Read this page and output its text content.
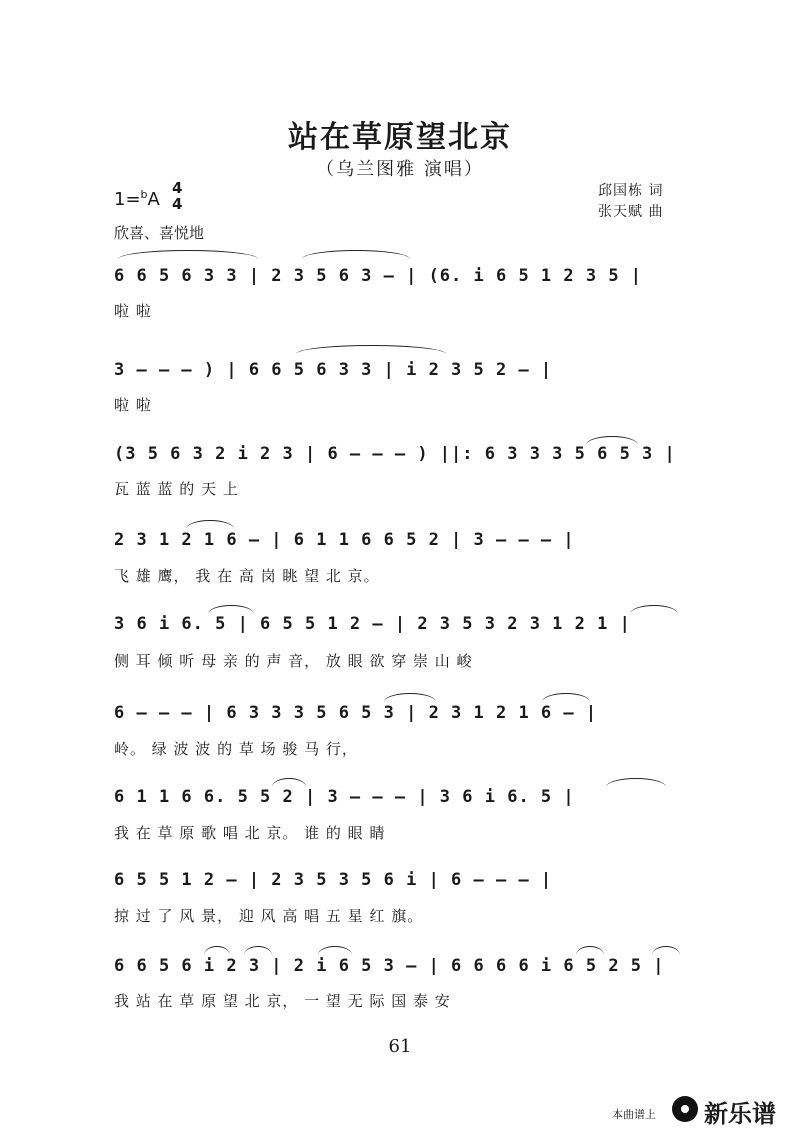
站在草原望北京
（乌兰图雅 演唱）
1=$^b$A
4
4
欣喜、喜悦地
邱国栋 词
张天赋 曲
6 6 5 6 3 3 | 2 3 5 6 3 – | (6. i 6 5 1 2 3 5 |
啦 啦
3 – – – ) | 6 6 5 6 3 3 | i 2 3 5 2 – |
啦 啦
(3 5 6 3 2 i 2 3 | 6 – – – ) ||: 6 3 3 3 5 6 5 3 |
瓦 蓝 蓝 的 天 上
2 3 1 2 1 6 – | 6 1 1 6 6 5 2 | 3 – – – |
飞 雄 鹰， 我 在 高 岗 眺 望 北 京。
3 6 i 6. 5 | 6 5 5 1 2 – | 2 3 5 3 2 3 1 2 1 |
侧 耳 倾 听 母 亲 的 声 音， 放 眼 欲 穿 崇 山 峻
6 – – – | 6 3 3 3 5 6 5 3 | 2 3 1 2 1 6 – |
岭。 绿 波 波 的 草 场 骏 马 行，
6 1 1 6 6. 5 5 2 | 3 – – – | 3 6 i 6. 5 |
我 在 草 原 歌 唱 北 京。 谁 的 眼 睛
6 5 5 1 2 – | 2 3 5 3 5 6 i | 6 – – – |
掠 过 了 风 景， 迎 风 高 唱 五 星 红 旗。
6 6 5 6 i 2 3 | 2 i 6 5 3 – | 6 6 6 6 i 6 5 2 5 |
我 站 在 草 原 望 北 京， 一 望 无 际 国 泰 安
61
本曲谱上 新乐谱
